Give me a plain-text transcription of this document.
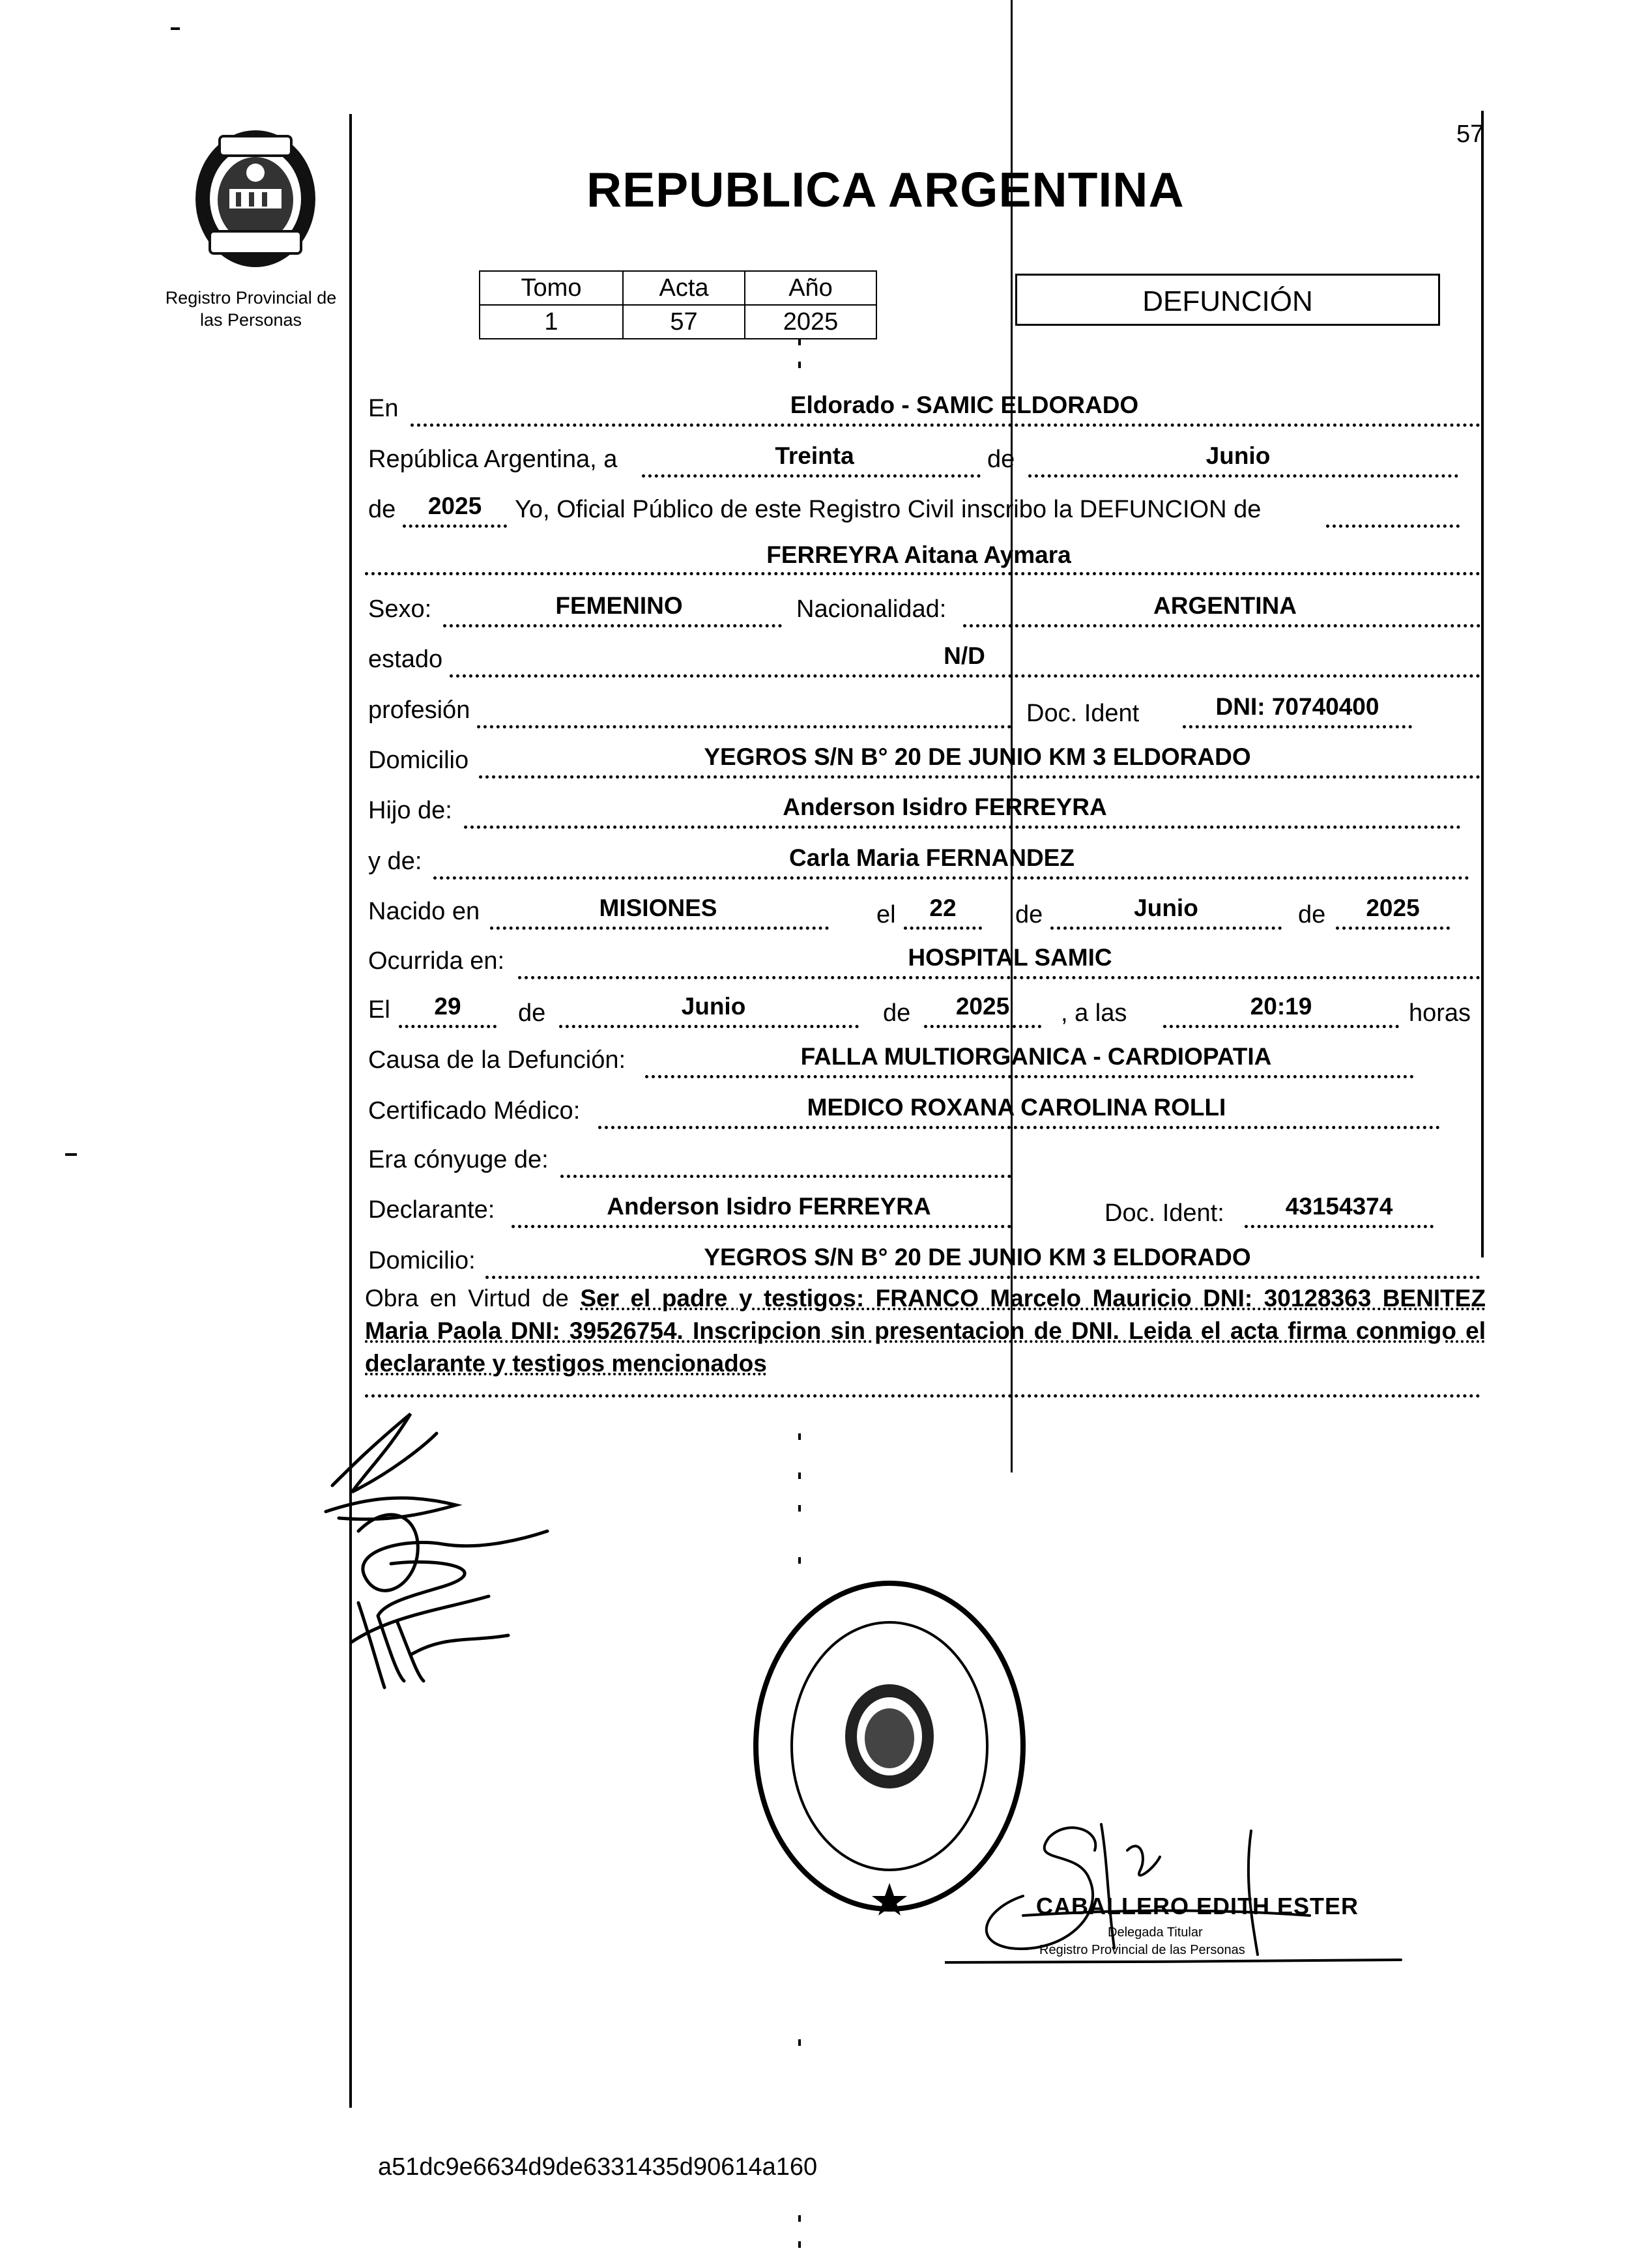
Registro Provincial de
las Personas
REPUBLICA ARGENTINA
57
Tomo	Acta	Año
1	57	2025
DEFUNCIÓN
En	Eldorado - SAMIC ELDORADO
República Argentina, a	Treinta	de	Junio
de	2025	Yo, Oficial Público de este Registro Civil inscribo la DEFUNCION de
FERREYRA Aitana Aymara
Sexo:	FEMENINO	Nacionalidad:	ARGENTINA
estado	N/D
profesión	Doc. Ident	DNI: 70740400
Domicilio	YEGROS S/N B° 20 DE JUNIO KM 3 ELDORADO
Hijo de:	Anderson Isidro FERREYRA
y de:	Carla Maria FERNANDEZ
Nacido en	MISIONES	el	22	de	Junio	de	2025
Ocurrida en:	HOSPITAL SAMIC
El	29	de	Junio	de	2025	, a las	20:19	horas
Causa de la Defunción:	FALLA MULTIORGANICA - CARDIOPATIA
Certificado Médico:	MEDICO ROXANA CAROLINA ROLLI
Era cónyuge de:
Declarante:	Anderson Isidro FERREYRA	Doc. Ident:	43154374
Domicilio:	YEGROS S/N B° 20 DE JUNIO KM 3 ELDORADO
Obra en Virtud de Ser el padre y testigos: FRANCO Marcelo Mauricio DNI: 30128363 BENITEZ Maria Paola DNI: 39526754. Inscripcion sin presentacion de DNI. Leida el acta firma conmigo el declarante y testigos mencionados
CABALLERO EDITH ESTER
Delegada Titular
Registro Provincial de las Personas
a51dc9e6634d9de6331435d90614a160
